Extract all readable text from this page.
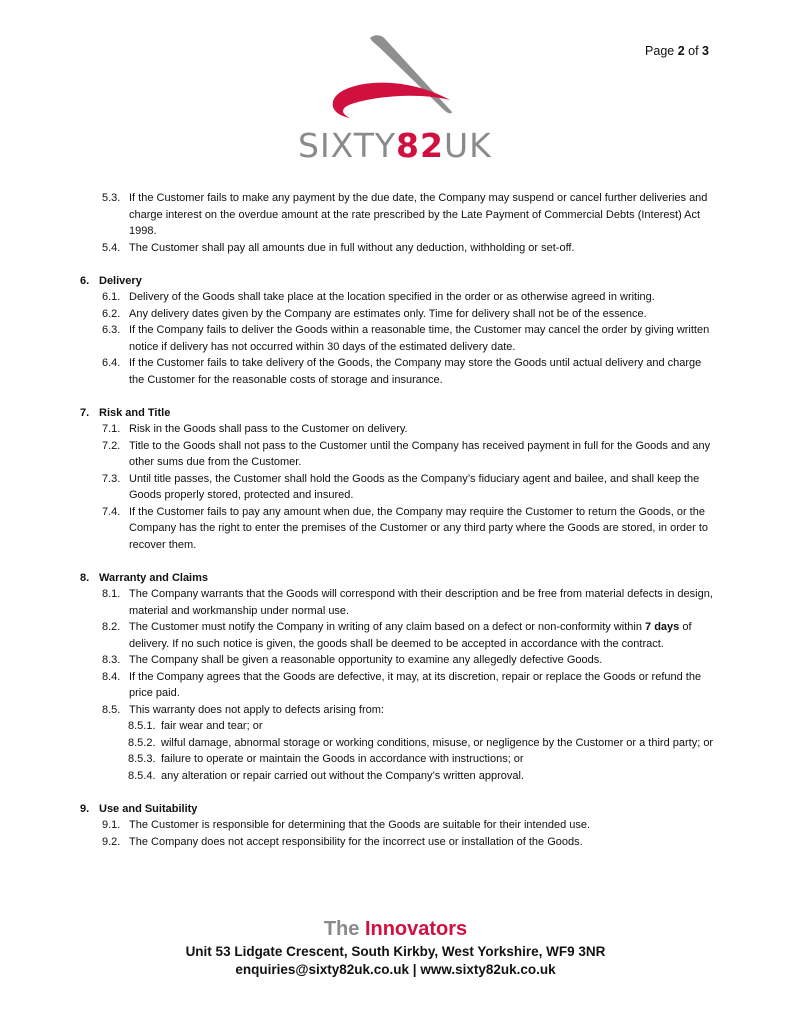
Page 2 of 3
SIXTY82UK
5.3. If the Customer fails to make any payment by the due date, the Company may suspend or cancel further deliveries and charge interest on the overdue amount at the rate prescribed by the Late Payment of Commercial Debts (Interest) Act 1998.
5.4. The Customer shall pay all amounts due in full without any deduction, withholding or set-off.
6. Delivery
6.1. Delivery of the Goods shall take place at the location specified in the order or as otherwise agreed in writing.
6.2. Any delivery dates given by the Company are estimates only. Time for delivery shall not be of the essence.
6.3. If the Company fails to deliver the Goods within a reasonable time, the Customer may cancel the order by giving written notice if delivery has not occurred within 30 days of the estimated delivery date.
6.4. If the Customer fails to take delivery of the Goods, the Company may store the Goods until actual delivery and charge the Customer for the reasonable costs of storage and insurance.
7. Risk and Title
7.1. Risk in the Goods shall pass to the Customer on delivery.
7.2. Title to the Goods shall not pass to the Customer until the Company has received payment in full for the Goods and any other sums due from the Customer.
7.3. Until title passes, the Customer shall hold the Goods as the Company’s fiduciary agent and bailee, and shall keep the Goods properly stored, protected and insured.
7.4. If the Customer fails to pay any amount when due, the Company may require the Customer to return the Goods, or the Company has the right to enter the premises of the Customer or any third party where the Goods are stored, in order to recover them.
8. Warranty and Claims
8.1. The Company warrants that the Goods will correspond with their description and be free from material defects in design, material and workmanship under normal use.
8.2. The Customer must notify the Company in writing of any claim based on a defect or non-conformity within 7 days of delivery. If no such notice is given, the goods shall be deemed to be accepted in accordance with the contract.
8.3. The Company shall be given a reasonable opportunity to examine any allegedly defective Goods.
8.4. If the Company agrees that the Goods are defective, it may, at its discretion, repair or replace the Goods or refund the price paid.
8.5. This warranty does not apply to defects arising from:
8.5.1. fair wear and tear; or
8.5.2. wilful damage, abnormal storage or working conditions, misuse, or negligence by the Customer or a third party; or
8.5.3. failure to operate or maintain the Goods in accordance with instructions; or
8.5.4. any alteration or repair carried out without the Company’s written approval.
9. Use and Suitability
9.1. The Customer is responsible for determining that the Goods are suitable for their intended use.
9.2. The Company does not accept responsibility for the incorrect use or installation of the Goods.
The Innovators
Unit 53 Lidgate Crescent, South Kirkby, West Yorkshire, WF9 3NR
enquiries@sixty82uk.co.uk | www.sixty82uk.co.uk
